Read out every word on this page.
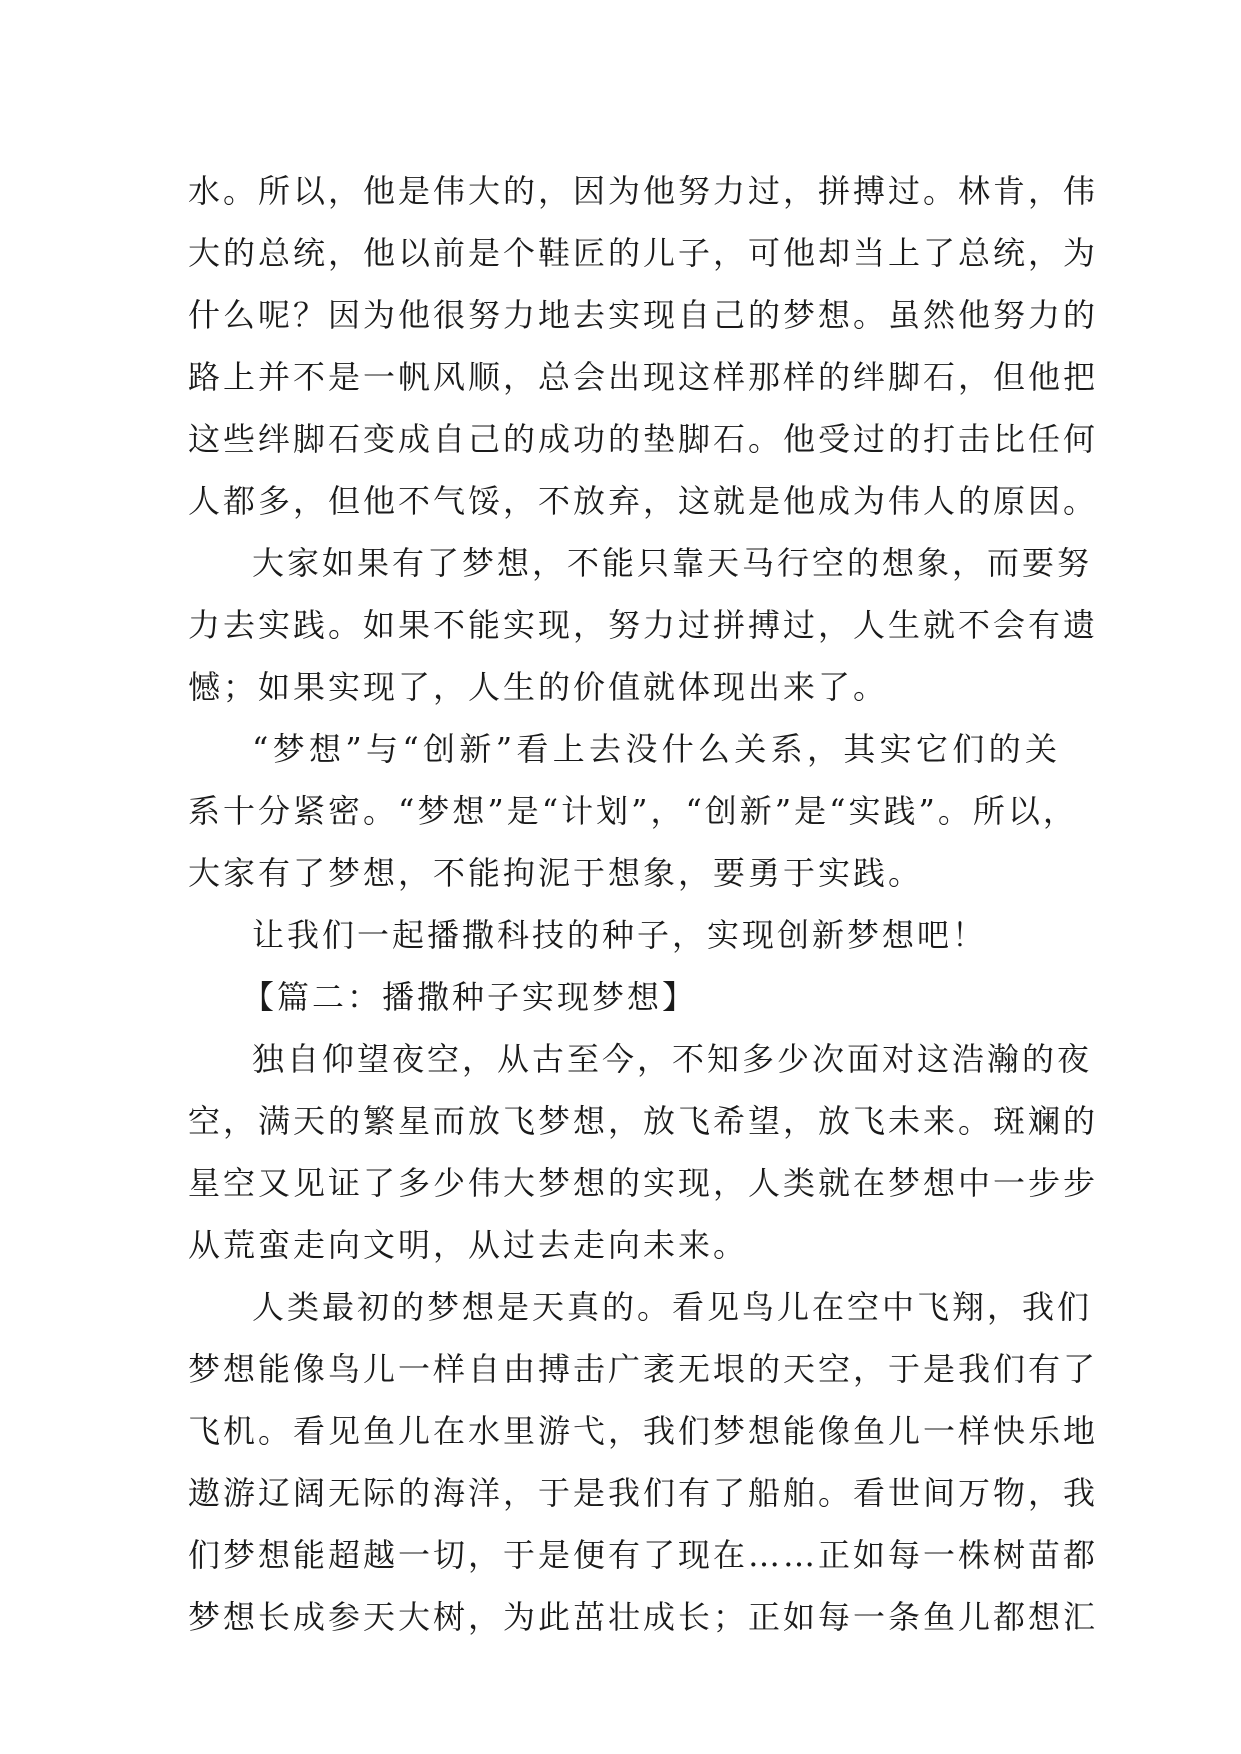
水。所以，他是伟大的，因为他努力过，拼搏过。林肯，伟
大的总统，他以前是个鞋匠的儿子，可他却当上了总统，为
什么呢？因为他很努力地去实现自己的梦想。虽然他努力的
路上并不是一帆风顺，总会出现这样那样的绊脚石，但他把
这些绊脚石变成自己的成功的垫脚石。他受过的打击比任何
人都多，但他不气馁，不放弃，这就是他成为伟人的原因。
大家如果有了梦想，不能只靠天马行空的想象，而要努
力去实践。如果不能实现，努力过拼搏过，人生就不会有遗
憾；如果实现了，人生的价值就体现出来了。
“梦想”与“创新”看上去没什么关系，其实它们的关
系十分紧密。“梦想”是“计划”，“创新”是“实践”。所以，
大家有了梦想，不能拘泥于想象，要勇于实践。
让我们一起播撒科技的种子，实现创新梦想吧！
【篇二：播撒种子实现梦想】
独自仰望夜空，从古至今，不知多少次面对这浩瀚的夜
空，满天的繁星而放飞梦想，放飞希望，放飞未来。斑斓的
星空又见证了多少伟大梦想的实现，人类就在梦想中一步步
从荒蛮走向文明，从过去走向未来。
人类最初的梦想是天真的。看见鸟儿在空中飞翔，我们
梦想能像鸟儿一样自由搏击广袤无垠的天空，于是我们有了
飞机。看见鱼儿在水里游弋，我们梦想能像鱼儿一样快乐地
遨游辽阔无际的海洋，于是我们有了船舶。看世间万物，我
们梦想能超越一切，于是便有了现在……正如每一株树苗都
梦想长成参天大树，为此茁壮成长；正如每一条鱼儿都想汇
